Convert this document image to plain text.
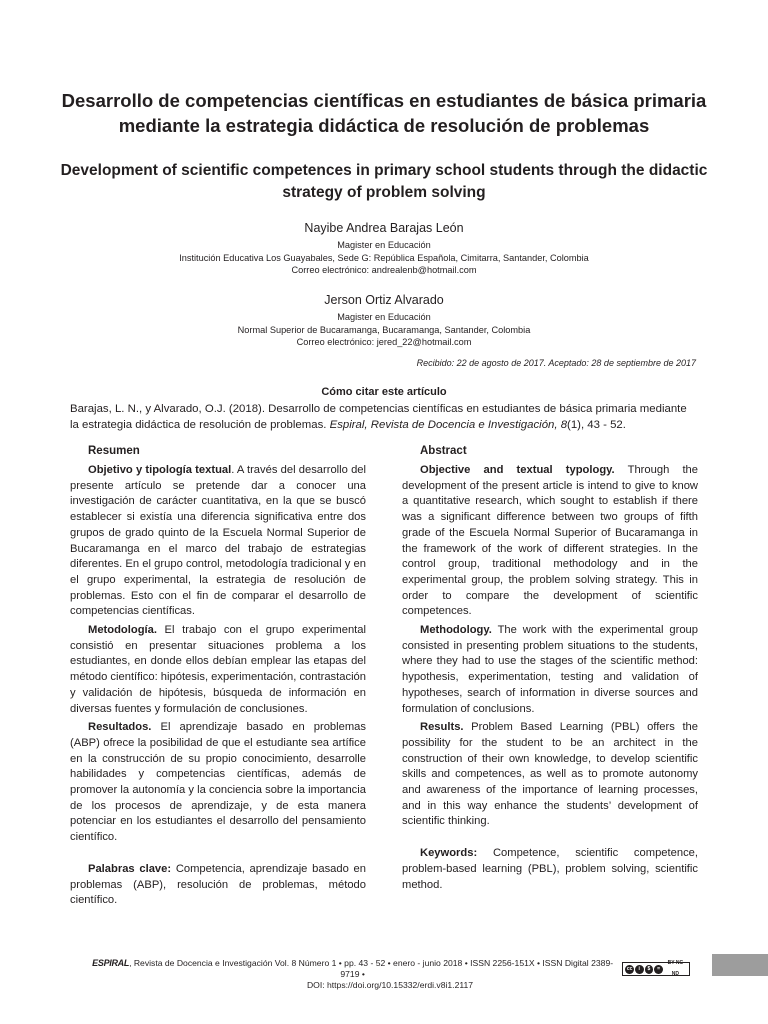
Desarrollo de competencias científicas en estudiantes de básica primaria mediante la estrategia didáctica de resolución de problemas
Development of scientific competences in primary school students through the didactic strategy of problem solving

Nayibe Andrea Barajas León

Magister en Educación

Institución Educativa Los Guayabales, Sede G: República Española, Cimitarra, Santander, Colombia

Correo electrónico: andrealenb@hotmail.com

Jerson Ortiz Alvarado

Magister en Educación

Normal Superior de Bucaramanga, Bucaramanga, Santander, Colombia

Correo electrónico: jered_22@hotmail.com

Recibido: 22 de agosto de 2017. Aceptado: 28 de septiembre de 2017

Cómo citar este artículo

Barajas, L. N., y Alvarado, O.J. (2018). Desarrollo de competencias científicas en estudiantes de básica primaria mediante la estrategia didáctica de resolución de problemas. Espiral, Revista de Docencia e Investigación, 8(1), 43 - 52.

Resumen

Objetivo y tipología textual. A través del desarrollo del presente artículo se pretende dar a conocer una investigación de carácter cuantitativa, en la que se buscó establecer si existía una diferencia significativa entre dos grupos de grado quinto de la Escuela Normal Superior de Bucaramanga en el marco del trabajo de estrategias diferentes. En el grupo control, metodología tradicional y en el grupo experimental, la estrategia de resolución de problemas. Esto con el fin de comparar el desarrollo de competencias científicas.

Metodología. El trabajo con el grupo experimental consistió en presentar situaciones problema a los estudiantes, en donde ellos debían emplear las etapas del método científico: hipótesis, experimentación, contrastación y validación de hipótesis, búsqueda de información en diversas fuentes y formulación de conclusiones.

Resultados. El aprendizaje basado en problemas (ABP) ofrece la posibilidad de que el estudiante sea artífice en la construcción de su propio conocimiento, desarrolle habilidades y competencias científicas, además de promover la autonomía y la conciencia sobre la importancia de los procesos de aprendizaje, y de esta manera potenciar en los estudiantes el desarrollo del pensamiento científico.

Palabras clave: Competencia, aprendizaje basado en problemas (ABP), resolución de problemas, método científico.

Abstract

Objective and textual typology. Through the development of the present article is intend to give to know a quantitative research, which sought to establish if there was a significant difference between two groups of fifth grade of the Escuela Normal Superior of Bucaramanga in the framework of the work of different strategies. In the control group, traditional methodology and in the experimental group, the problem solving strategy. This in order to compare the development of scientific competences.

Methodology. The work with the experimental group consisted in presenting problem situations to the students, where they had to use the stages of the scientific method: hypothesis, experimentation, testing and validation of hypotheses, search of information in diverse sources and formulation of conclusions.

Results. Problem Based Learning (PBL) offers the possibility for the student to be an architect in the construction of their own knowledge, to develop scientific skills and competences, as well as to promote autonomy and awareness of the importance of learning processes, and in this way enhance the students’ development of scientific thinking.

Keywords: Competence, scientific competence, problem-based learning (PBL), problem solving, scientific method.

ESPIRAL, Revista de Docencia e Investigación Vol. 8 Número 1 • pp. 43 - 52 • enero - junio 2018 • ISSN 2256-151X • ISSN Digital 2389-9719 •
cc	i	$	=
BY NC ND
DOI: https://doi.org/10.15332/erdi.v8i1.2117
